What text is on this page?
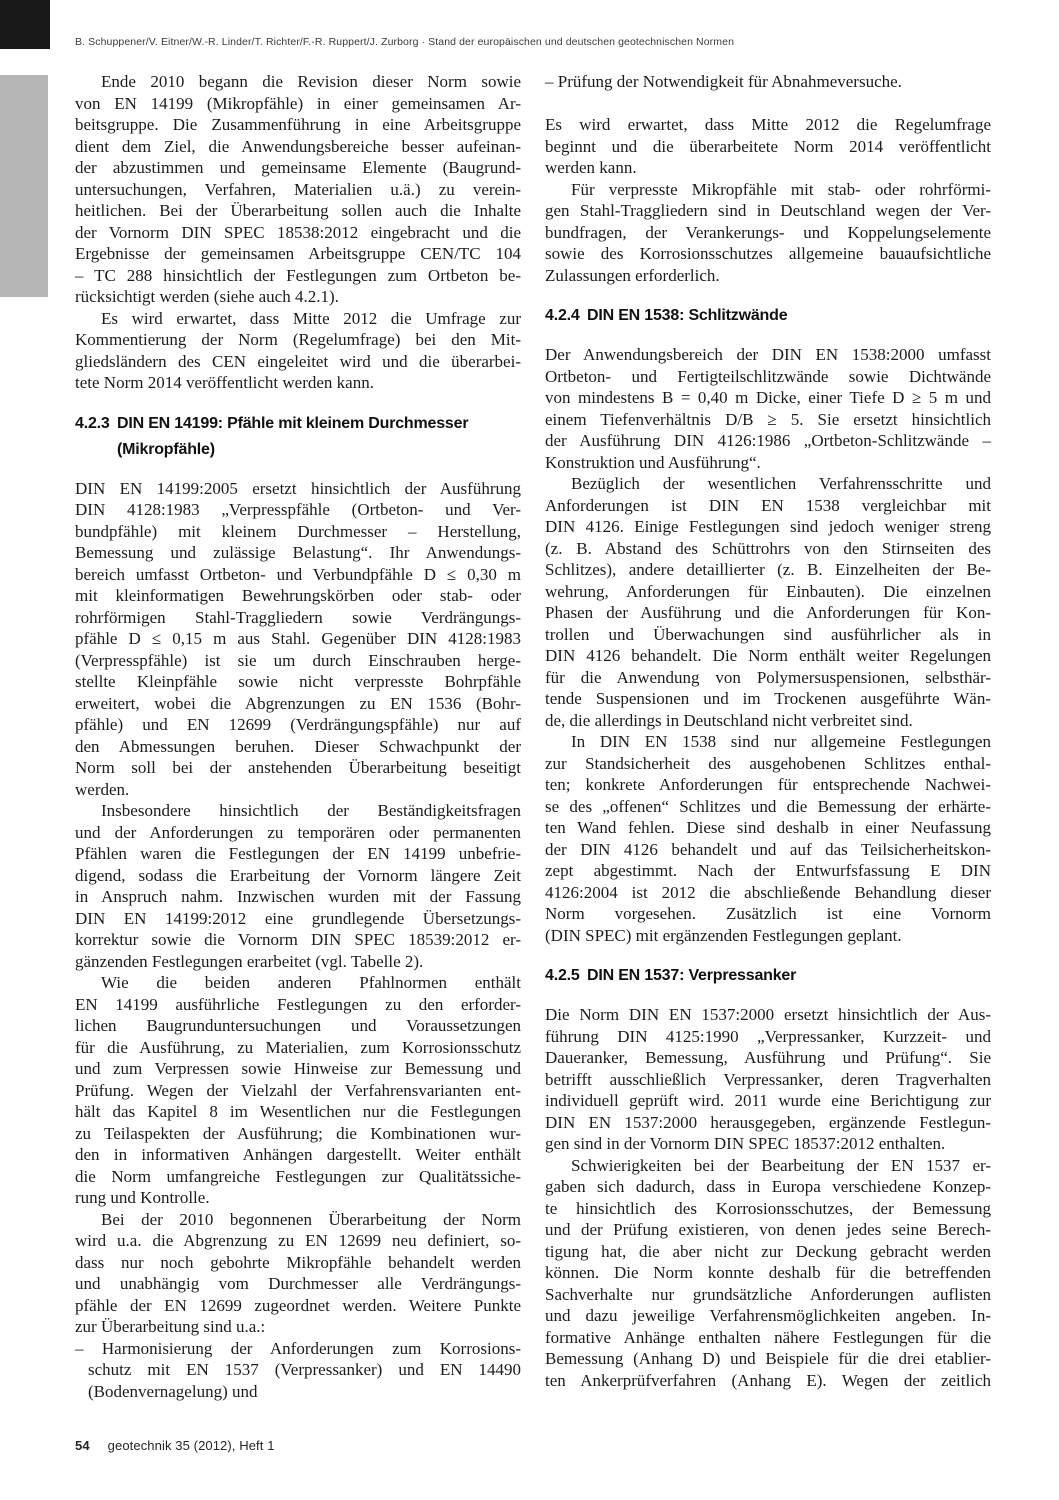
B. Schuppener/V. Eitner/W.-R. Linder/T. Richter/F.-R. Ruppert/J. Zurborg · Stand der europäischen und deutschen geotechnischen Normen
Ende 2010 begann die Revision dieser Norm sowie
von EN 14199 (Mikropfähle) in einer gemeinsamen Ar-
beitsgruppe. Die Zusammenführung in eine Arbeitsgruppe
dient dem Ziel, die Anwendungsbereiche besser aufeinan-
der abzustimmen und gemeinsame Elemente (Baugrund-
untersuchungen, Verfahren, Materialien u.ä.) zu verein-
heitlichen. Bei der Überarbeitung sollen auch die Inhalte
der Vornorm DIN SPEC 18538:2012 eingebracht und die
Ergebnisse der gemeinsamen Arbeitsgruppe CEN/TC 104
– TC 288 hinsichtlich der Festlegungen zum Ortbeton be-
rücksichtigt werden (siehe auch 4.2.1).
Es wird erwartet, dass Mitte 2012 die Umfrage zur
Kommentierung der Norm (Regelumfrage) bei den Mit-
gliedsländern des CEN eingeleitet wird und die überarbei-
tete Norm 2014 veröffentlicht werden kann.
4.2.3 DIN EN 14199: Pfähle mit kleinem Durchmesser
(Mikropfähle)
DIN EN 14199:2005 ersetzt hinsichtlich der Ausführung
DIN 4128:1983 „Verpresspfähle (Ortbeton- und Ver-
bundpfähle) mit kleinem Durchmesser – Herstellung,
Bemessung und zulässige Belastung“. Ihr Anwendungs-
bereich umfasst Ortbeton- und Verbundpfähle D ≤ 0,30 m
mit kleinformatigen Bewehrungskörben oder stab- oder
rohrförmigen Stahl-Traggliedern sowie Verdrängungs-
pfähle D ≤ 0,15 m aus Stahl. Gegenüber DIN 4128:1983
(Verpresspfähle) ist sie um durch Einschrauben herge-
stellte Kleinpfähle sowie nicht verpresste Bohrpfähle
erweitert, wobei die Abgrenzungen zu EN 1536 (Bohr-
pfähle) und EN 12699 (Verdrängungspfähle) nur auf
den Abmessungen beruhen. Dieser Schwachpunkt der
Norm soll bei der anstehenden Überarbeitung beseitigt
werden.
Insbesondere hinsichtlich der Beständigkeitsfragen
und der Anforderungen zu temporären oder permanenten
Pfählen waren die Festlegungen der EN 14199 unbefrie-
digend, sodass die Erarbeitung der Vornorm längere Zeit
in Anspruch nahm. Inzwischen wurden mit der Fassung
DIN EN 14199:2012 eine grundlegende Übersetzungs-
korrektur sowie die Vornorm DIN SPEC 18539:2012 er-
gänzenden Festlegungen erarbeitet (vgl. Tabelle 2).
Wie die beiden anderen Pfahlnormen enthält
EN 14199 ausführliche Festlegungen zu den erforder-
lichen Baugrunduntersuchungen und Voraussetzungen
für die Ausführung, zu Materialien, zum Korrosionsschutz
und zum Verpressen sowie Hinweise zur Bemessung und
Prüfung. Wegen der Vielzahl der Verfahrensvarianten ent-
hält das Kapitel 8 im Wesentlichen nur die Festlegungen
zu Teilaspekten der Ausführung; die Kombinationen wur-
den in informativen Anhängen dargestellt. Weiter enthält
die Norm umfangreiche Festlegungen zur Qualitätssiche-
rung und Kontrolle.
Bei der 2010 begonnenen Überarbeitung der Norm
wird u.a. die Abgrenzung zu EN 12699 neu definiert, so-
dass nur noch gebohrte Mikropfähle behandelt werden
und unabhängig vom Durchmesser alle Verdrängungs-
pfähle der EN 12699 zugeordnet werden. Weitere Punkte
zur Überarbeitung sind u.a.:
– Harmonisierung der Anforderungen zum Korrosions-
schutz mit EN 1537 (Verpressanker) und EN 14490
(Bodenvernagelung) und
– Prüfung der Notwendigkeit für Abnahmeversuche.
Es wird erwartet, dass Mitte 2012 die Regelumfrage
beginnt und die überarbeitete Norm 2014 veröffentlicht
werden kann.
Für verpresste Mikropfähle mit stab- oder rohrförmi-
gen Stahl-Traggliedern sind in Deutschland wegen der Ver-
bundfragen, der Verankerungs- und Koppelungselemente
sowie des Korrosionsschutzes allgemeine bauaufsichtliche
Zulassungen erforderlich.
4.2.4 DIN EN 1538: Schlitzwände
Der Anwendungsbereich der DIN EN 1538:2000 umfasst
Ortbeton- und Fertigteilschlitzwände sowie Dichtwände
von mindestens B = 0,40 m Dicke, einer Tiefe D ≥ 5 m und
einem Tiefenverhältnis D/B ≥ 5. Sie ersetzt hinsichtlich
der Ausführung DIN 4126:1986 „Ortbeton-Schlitzwände –
Konstruktion und Ausführung“.
Bezüglich der wesentlichen Verfahrensschritte und
Anforderungen ist DIN EN 1538 vergleichbar mit
DIN 4126. Einige Festlegungen sind jedoch weniger streng
(z. B. Abstand des Schüttrohrs von den Stirnseiten des
Schlitzes), andere detaillierter (z. B. Einzelheiten der Be-
wehrung, Anforderungen für Einbauten). Die einzelnen
Phasen der Ausführung und die Anforderungen für Kon-
trollen und Überwachungen sind ausführlicher als in
DIN 4126 behandelt. Die Norm enthält weiter Regelungen
für die Anwendung von Polymersuspensionen, selbsthär-
tende Suspensionen und im Trockenen ausgeführte Wän-
de, die allerdings in Deutschland nicht verbreitet sind.
In DIN EN 1538 sind nur allgemeine Festlegungen
zur Standsicherheit des ausgehobenen Schlitzes enthal-
ten; konkrete Anforderungen für entsprechende Nachwei-
se des „offenen“ Schlitzes und die Bemessung der erhärte-
ten Wand fehlen. Diese sind deshalb in einer Neufassung
der DIN 4126 behandelt und auf das Teilsicherheitskon-
zept abgestimmt. Nach der Entwurfsfassung E DIN
4126:2004 ist 2012 die abschließende Behandlung dieser
Norm vorgesehen. Zusätzlich ist eine Vornorm
(DIN SPEC) mit ergänzenden Festlegungen geplant.
4.2.5 DIN EN 1537: Verpressanker
Die Norm DIN EN 1537:2000 ersetzt hinsichtlich der Aus-
führung DIN 4125:1990 „Verpressanker, Kurzzeit- und
Daueranker, Bemessung, Ausführung und Prüfung“. Sie
betrifft ausschließlich Verpressanker, deren Tragverhalten
individuell geprüft wird. 2011 wurde eine Berichtigung zur
DIN EN 1537:2000 herausgegeben, ergänzende Festlegun-
gen sind in der Vornorm DIN SPEC 18537:2012 enthalten.
Schwierigkeiten bei der Bearbeitung der EN 1537 er-
gaben sich dadurch, dass in Europa verschiedene Konzep-
te hinsichtlich des Korrosionsschutzes, der Bemessung
und der Prüfung existieren, von denen jedes seine Berech-
tigung hat, die aber nicht zur Deckung gebracht werden
können. Die Norm konnte deshalb für die betreffenden
Sachverhalte nur grundsätzliche Anforderungen auflisten
und dazu jeweilige Verfahrensmöglichkeiten angeben. In-
formative Anhänge enthalten nähere Festlegungen für die
Bemessung (Anhang D) und Beispiele für die drei etablier-
ten Ankerprüfverfahren (Anhang E). Wegen der zeitlich
54 geotechnik 35 (2012), Heft 1
